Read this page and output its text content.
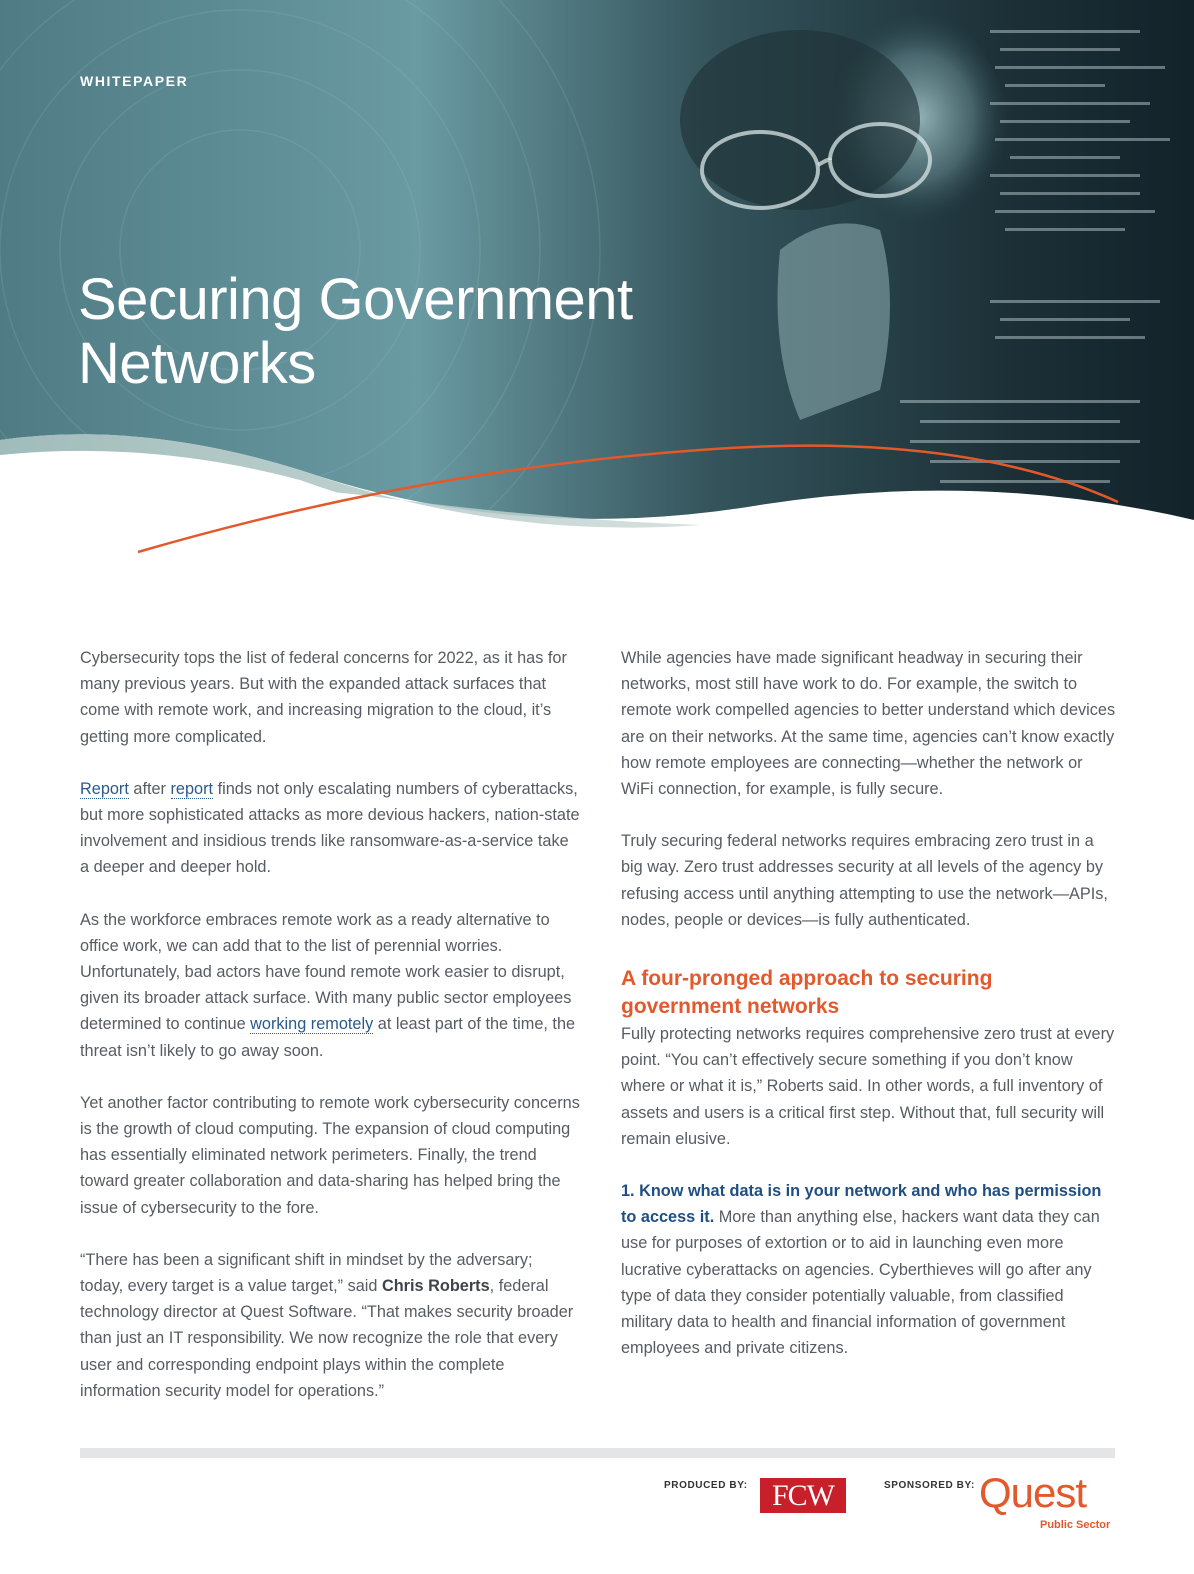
WHITEPAPER
Securing Government
Networks

Cybersecurity tops the list of federal concerns for 2022, as it has for many previous years. But with the expanded attack surfaces that come with remote work, and increasing migration to the cloud, it’s getting more complicated.

Report after report finds not only escalating numbers of cyberattacks, but more sophisticated attacks as more devious hackers, nation-state involvement and insidious trends like ransomware-as-a-service take a deeper and deeper hold.

As the workforce embraces remote work as a ready alternative to office work, we can add that to the list of perennial worries. Unfortunately, bad actors have found remote work easier to disrupt, given its broader attack surface. With many public sector employees determined to continue working remotely at least part of the time, the threat isn’t likely to go away soon.

Yet another factor contributing to remote work cybersecurity concerns is the growth of cloud computing. The expansion of cloud computing has essentially eliminated network perimeters. Finally, the trend toward greater collaboration and data-sharing has helped bring the issue of cybersecurity to the fore.

“There has been a significant shift in mindset by the adversary; today, every target is a value target,” said Chris Roberts, federal technology director at Quest Software. “That makes security broader than just an IT responsibility. We now recognize the role that every user and corresponding endpoint plays within the complete information security model for operations.”

While agencies have made significant headway in securing their networks, most still have work to do. For example, the switch to remote work compelled agencies to better understand which devices are on their networks. At the same time, agencies can’t know exactly how remote employees are connecting—whether the network or WiFi connection, for example, is fully secure.

Truly securing federal networks requires embracing zero trust in a big way. Zero trust addresses security at all levels of the agency by refusing access until anything attempting to use the network—APIs, nodes, people or devices—is fully authenticated.

A four-pronged approach to securing
government networks

Fully protecting networks requires comprehensive zero trust at every point. “You can’t effectively secure something if you don’t know where or what it is,” Roberts said. In other words, a full inventory of assets and users is a critical first step. Without that, full security will remain elusive.

1. Know what data is in your network and who has permission to access it. More than anything else, hackers want data they can use for purposes of extortion or to aid in launching even more lucrative cyberattacks on agencies. Cyberthieves will go after any type of data they consider potentially valuable, from classified military data to health and financial information of government employees and private citizens.

PRODUCED BY: FCW	SPONSORED BY: Quest
Public Sector
